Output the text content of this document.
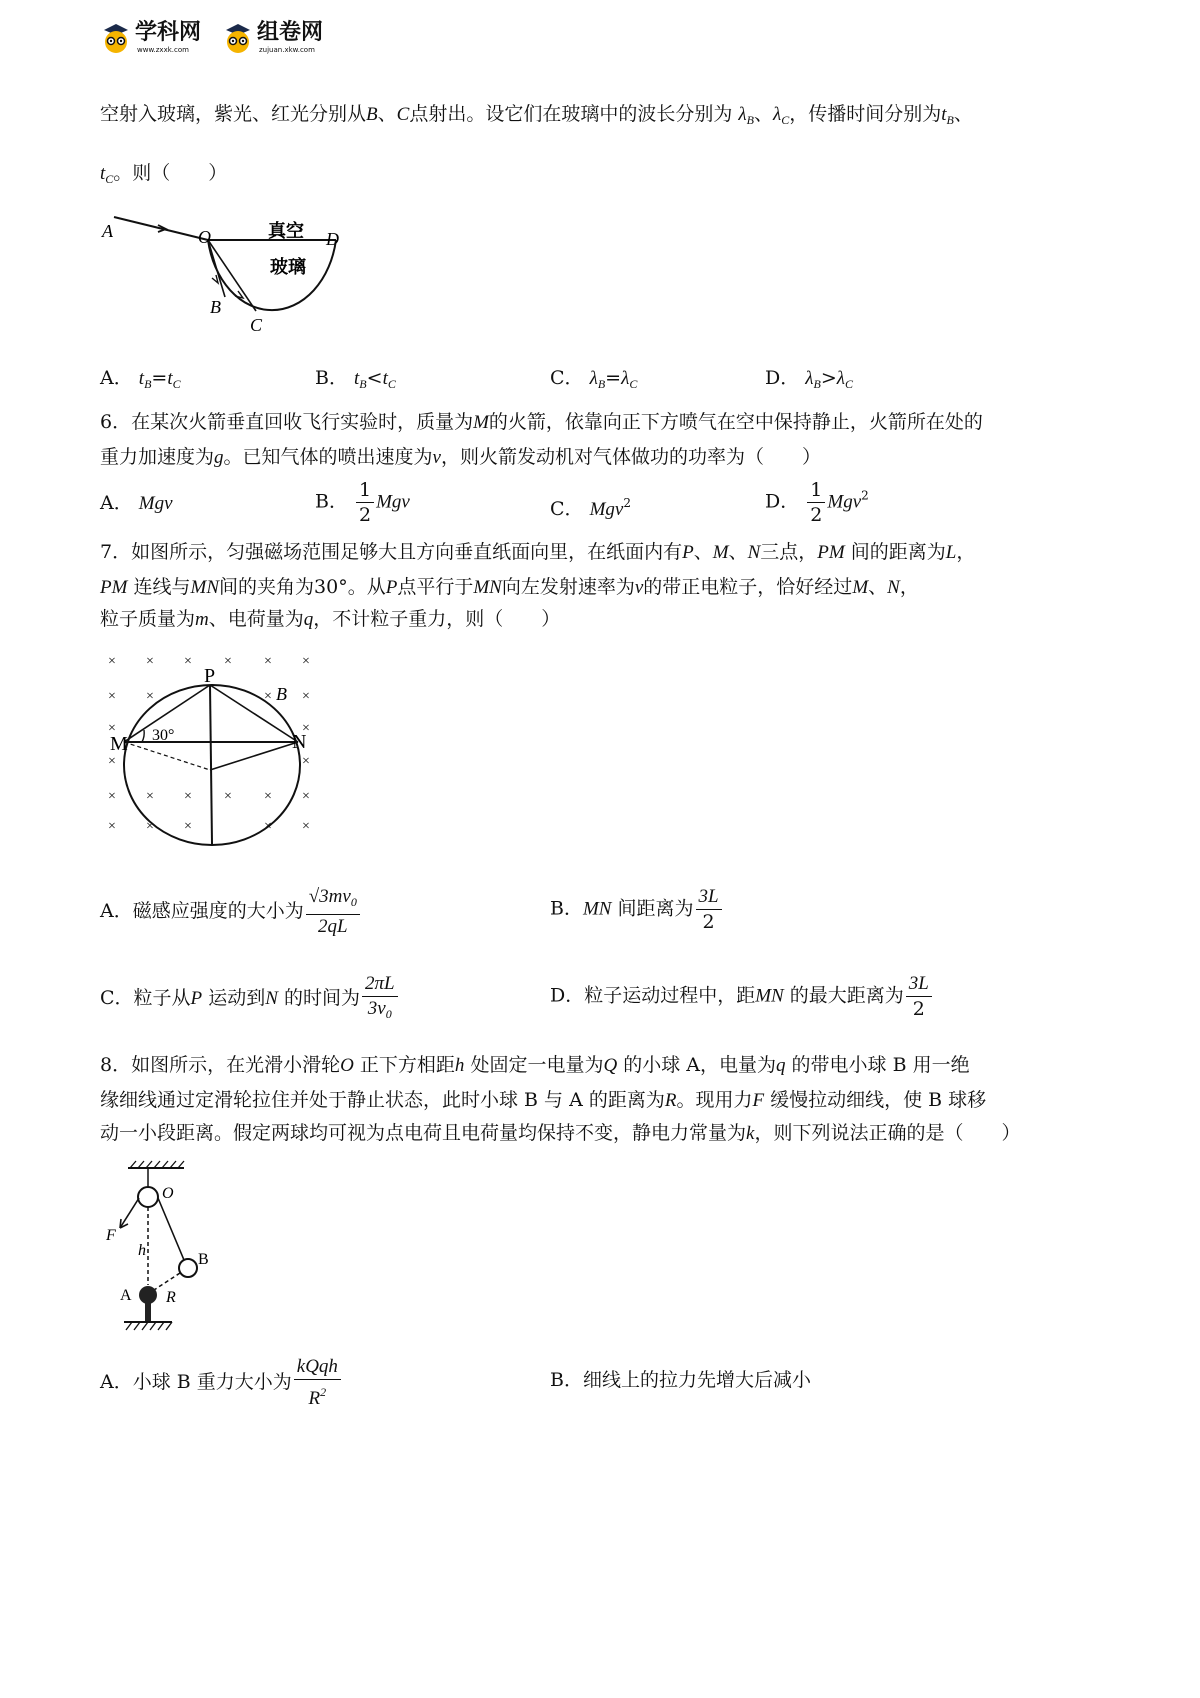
学科网
www.zxxk.com
组卷网
zujuan.xkw.com
空射入玻璃，紫光、红光分别从B、C点射出。设它们在玻璃中的波长分别为 $\lambda_B$、$\lambda_C$，传播时间分别为$t_B$、
$t_C$。则（　　）
A	O	真空 D
玻璃
B
C
A． $t_B=t_C$	B． $t_B<t_C$	C． $\lambda_B=\lambda_C$	D． $\lambda_B>\lambda_C$
6．在某次火箭垂直回收飞行实验时，质量为M的火箭，依靠向正下方喷气在空中保持静止，火箭所在处的
重力加速度为g。已知气体的喷出速度为v，则火箭发动机对气体做功的功率为（　　）
A． Mgv	B． $\frac{1}{2}$ Mgv	C． Mgv$^2$	D． $\frac{1}{2} Mgv^2$
7．如图所示，匀强磁场范围足够大且方向垂直纸面向里，在纸面内有P、M、N三点，PM 间的距离为L，
PM 连线与MN间的夹角为30°。从P点平行于MN向左发射速率为v的带正电粒子，恰好经过M、N，
粒子质量为m、电荷量为q，不计粒子重力，则（　　）
× × × × × ×
× ×	× ×
×	×
×	×
× × × × × ×
× × ×	× ×
P
M	N
B
30°
A．磁感应强度的大小为 $\frac{√3mv_0}{2qL}$	B．MN 间距离为 $\frac{3L}{2}$
C．粒子从P 运动到N 的时间为 $\frac{2\pi L}{3v_0}$	D．粒子运动过程中，距MN 的最大距离为 $\frac{3L}{2}$
8．如图所示，在光滑小滑轮O 正下方相距h 处固定一电量为Q 的小球 A，电量为q 的带电小球 B 用一绝
缘细线通过定滑轮拉住并处于静止状态，此时小球 B 与 A 的距离为R。现用力F 缓慢拉动细线，使 B 球移
动一小段距离。假定两球均可视为点电荷且电荷量均保持不变，静电力常量为k，则下列说法正确的是（　　）
O
F
h
B
A R
A．小球 B 重力大小为 $\frac{\text{kQqh}}{R^2}$	B．细线上的拉力先增大后减小
